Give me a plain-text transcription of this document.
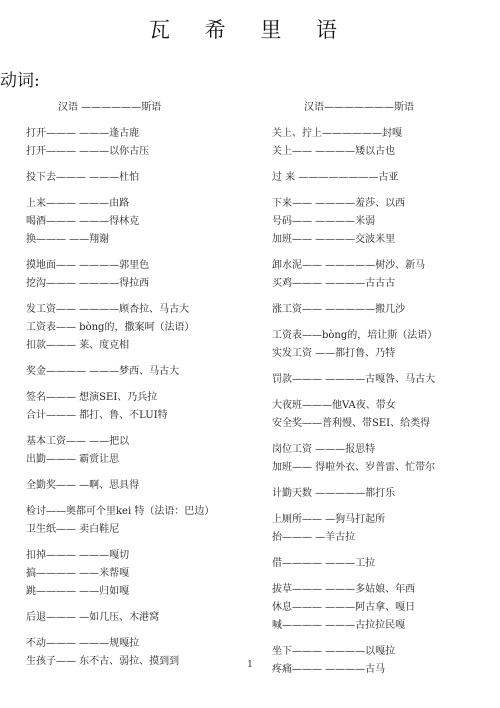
瓦 希 里 语
动词:
汉语 ——————斯语
打开——— ———逢古鹿
打开——— ———以你古压
投下去——— ———杜怕
上来——— ———由路
喝酒——— ———得林克
换——— ——翔谢
摸地面—— ————郭里色
挖沟——— ————得拉西
发工资—— ————顾杏拉、马古大
工资表—— bòng的，撒案呵（法语）
扣款——— 莱、度克相
奖金———— ———梦西、马古大
签名——— 想演SEI、乃兵拉
合计——— 都打、鲁、不LUI特
基本工资—— ——把以
出勤——— 霸赏让思
全勤奖—— —啊、思具得
检讨——奥都可个里kei 特（法语：巴边）
卫生纸—— 卖白鞋尼
扣掉——— ———嘎切
搞———— ——米帮嘎
跳———— ——归如嘎
后退——— —如几压、木港窝
不动——— ———规嘎拉
生孩子—— 东不古、弱拉、摸到到
汉语———————斯语
关上、拧上——————封嘎
关上—— ————矮以古也
过 来 ————————古亚
下来—— ————羞莎、以西
号码—— ————米弱
加班—— ————交波米里
卸水泥—— —————树沙、新马
买鸡——— ————古古古
涨工资—— —————搬几沙
工资表——bòng的，培让斯（法语）
实发工资 ——都打鲁、乃特
罚款——— ————古嘎咎、马古大
大夜班———他VA夜、带女
安全奖——普利慢、带SEI、给类得
岗位工资 ———报思特
加班—— 得啦外衣、岁普雷、忙带尔
计勤天数 —————都打乐
上厕所—— —狗马打起所
抬——— —羊古拉
借———— ———工拉
拔草——— ———多姑娘、年西
休息——— ———阿古拿、嘎日
喊———— ———古拉拉民嘎
坐下——— ————以嘎拉
疼痛——— ————古马
1
